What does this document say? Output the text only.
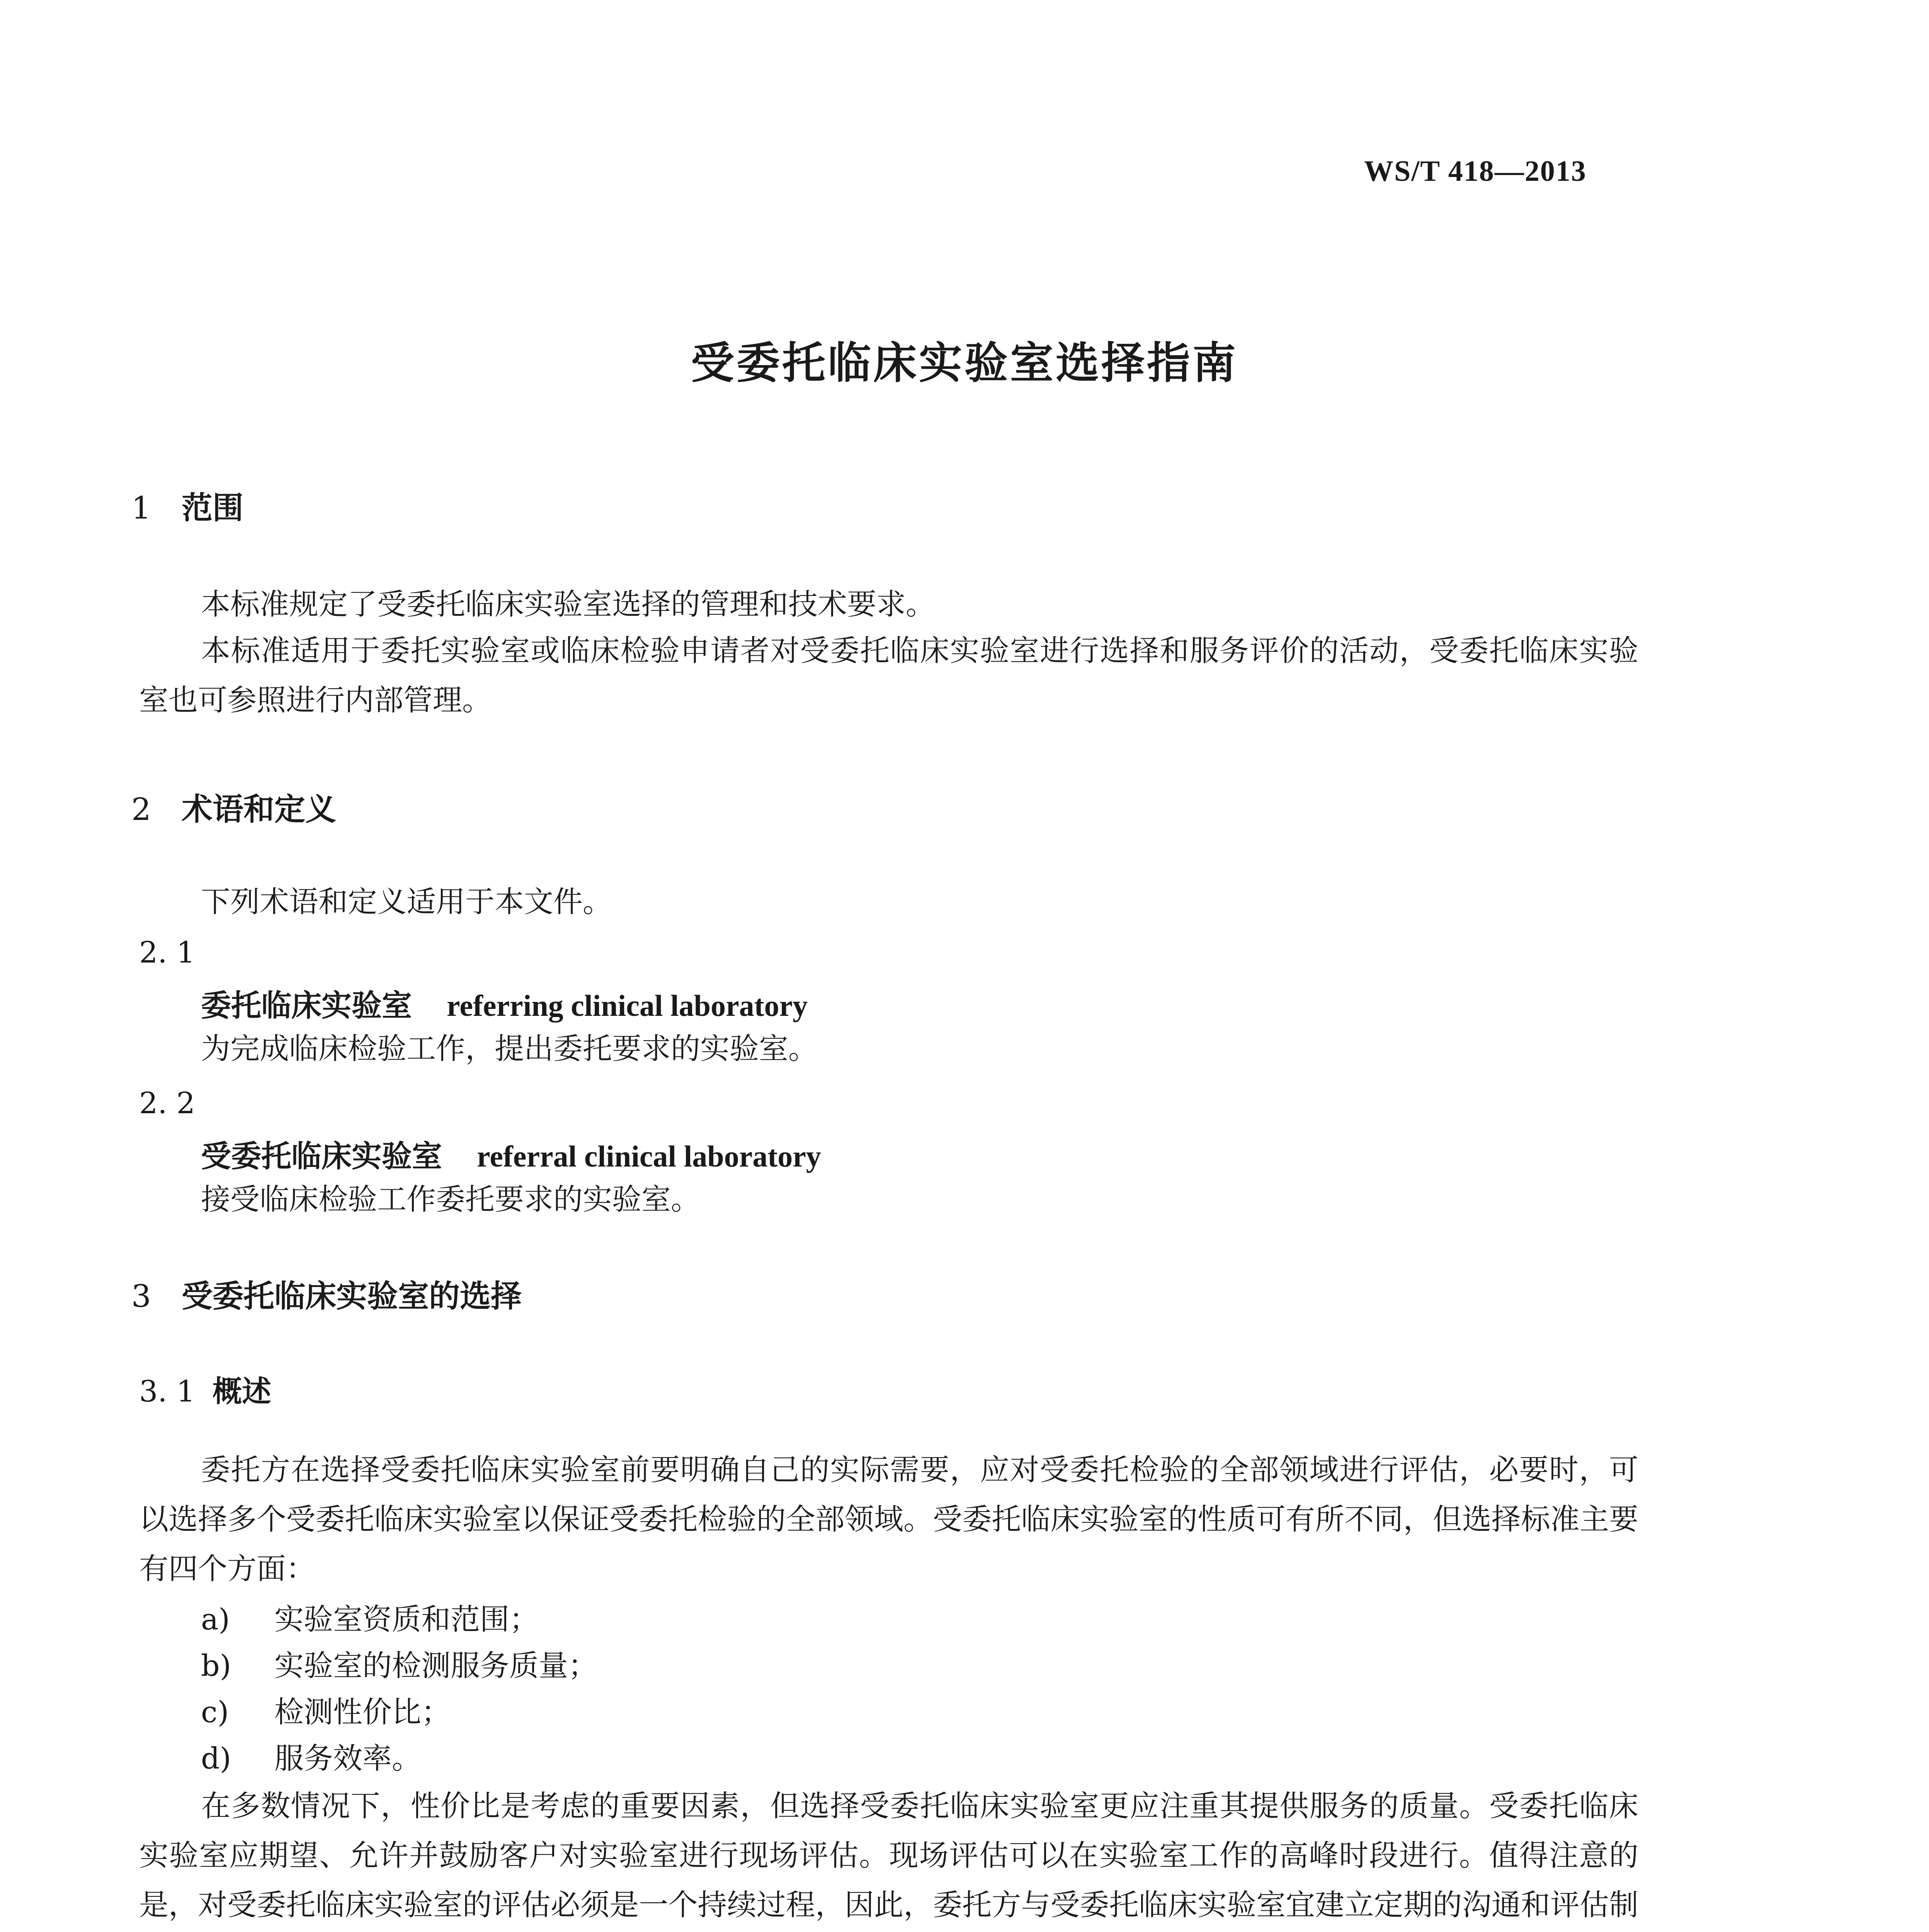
WS/T 418—2013
受委托临床实验室选择指南
1 范围
本标准规定了受委托临床实验室选择的管理和技术要求。
本标准适用于委托实验室或临床检验申请者对受委托临床实验室进行选择和服务评价的活动，受委托临床实验室也可参照进行内部管理。
2 术语和定义
下列术语和定义适用于本文件。
2. 1
委托临床实验室 referring clinical laboratory
为完成临床检验工作，提出委托要求的实验室。
2. 2
受委托临床实验室 referral clinical laboratory
接受临床检验工作委托要求的实验室。
3 受委托临床实验室的选择
3. 1 概述
委托方在选择受委托临床实验室前要明确自己的实际需要，应对受委托检验的全部领域进行评估，必要时，可以选择多个受委托临床实验室以保证受委托检验的全部领域。受委托临床实验室的性质可有所不同，但选择标准主要有四个方面：
a) 实验室资质和范围；
b) 实验室的检测服务质量；
c) 检测性价比；
d) 服务效率。
在多数情况下，性价比是考虑的重要因素，但选择受委托临床实验室更应注重其提供服务的质量。受委托临床实验室应期望、允许并鼓励客户对实验室进行现场评估。现场评估可以在实验室工作的高峰时段进行。值得注意的是，对受委托临床实验室的评估必须是一个持续过程，因此，委托方与受委托临床实验室宜建立定期的沟通和评估制
